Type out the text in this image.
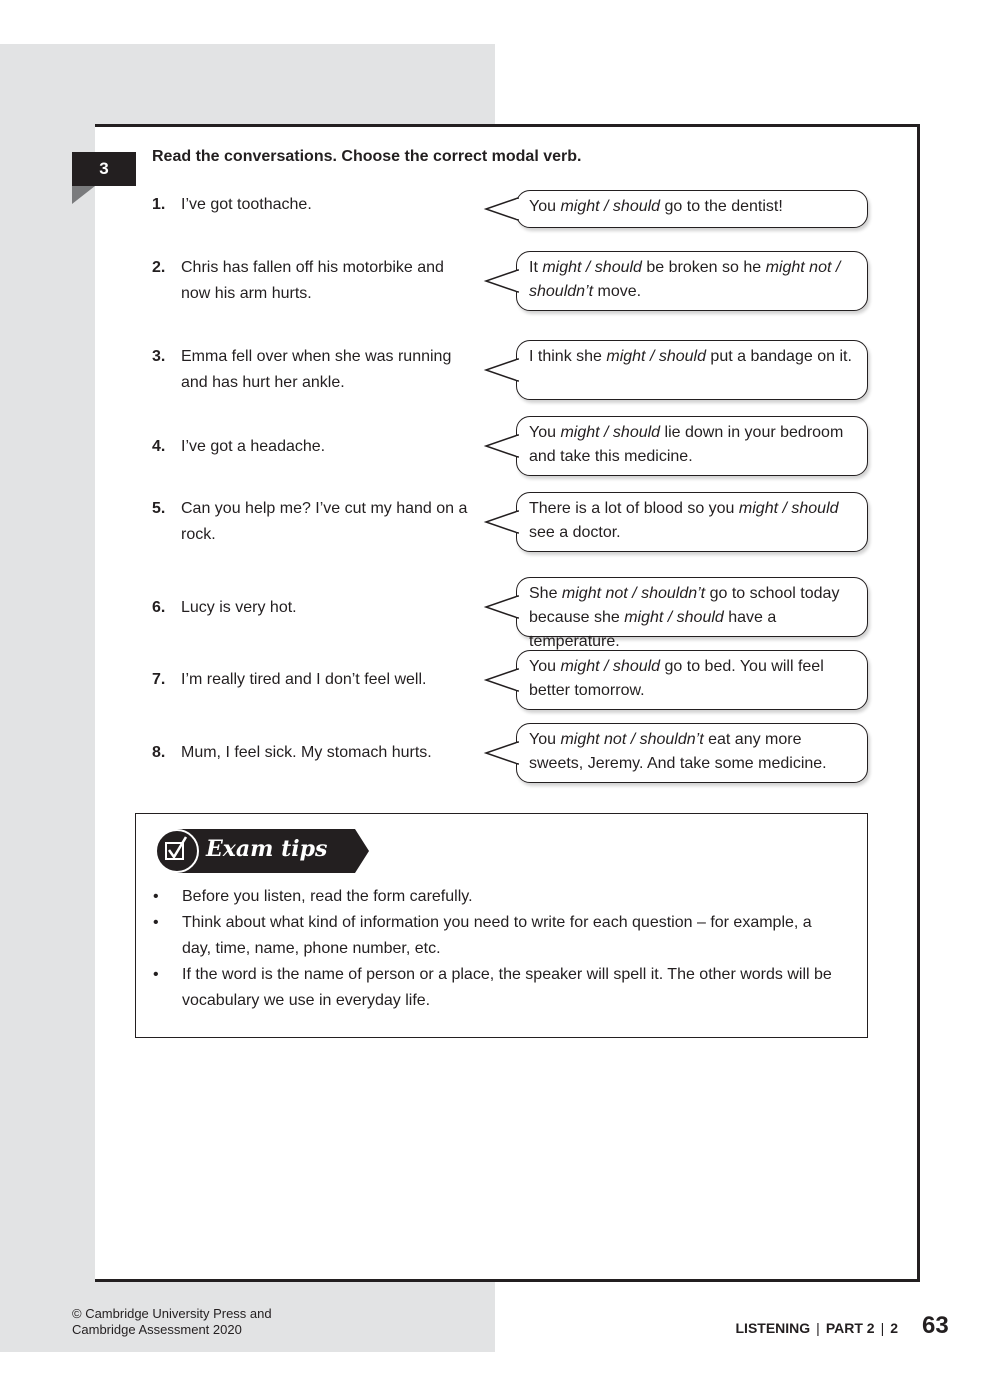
3
Read the conversations. Choose the correct modal verb.
1. I’ve got toothache.	You might / should go to the dentist!
2. Chris has fallen off his motorbike and now his arm hurts.
It might / should be broken so he might not / shouldn’t move.
3. Emma fell over when she was running and has hurt her ankle.
I think she might / should put a bandage on it.
4. I’ve got a headache.
You might / should lie down in your bedroom and take this medicine.
5. Can you help me? I’ve cut my hand on a rock.
There is a lot of blood so you might / should see a doctor.
6. Lucy is very hot.
She might not / shouldn’t go to school today because she might / should have a temperature.
7. I’m really tired and I don’t feel well.
You might / should go to bed. You will feel better tomorrow.
8. Mum, I feel sick. My stomach hurts.
You might not / shouldn’t eat any more sweets, Jeremy. And take some medicine.
Exam tips
• Before you listen, read the form carefully.
• Think about what kind of information you need to write for each question – for example, a day, time, name, phone number, etc.
• If the word is the name of person or a place, the speaker will spell it. The other words will be vocabulary we use in everyday life.
© Cambridge University Press and
Cambridge Assessment 2020	LISTENING | PART 2 | 2 63
